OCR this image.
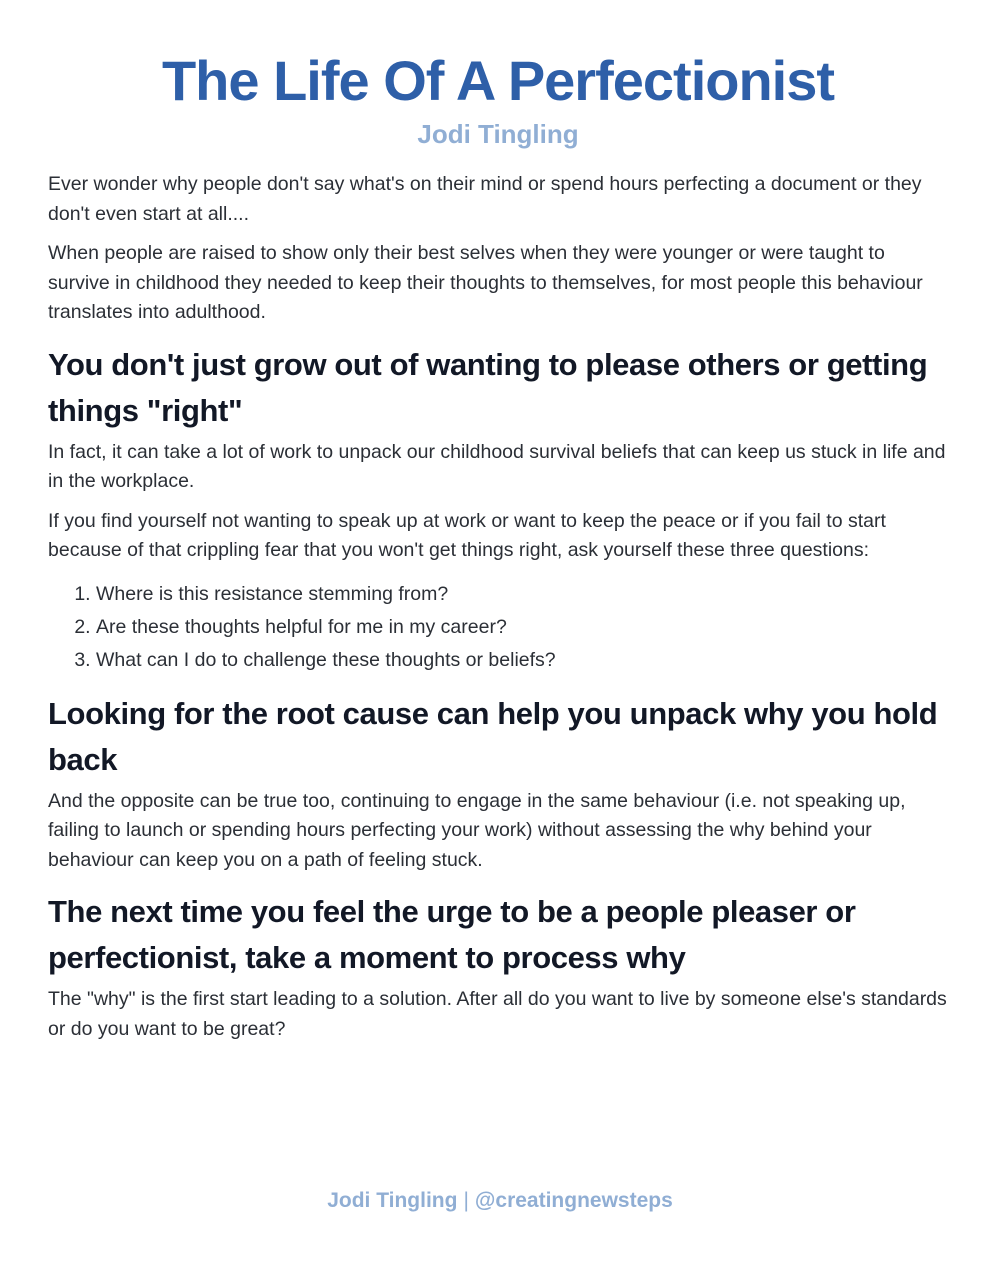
The Life Of A Perfectionist
Jodi Tingling

Ever wonder why people don't say what's on their mind or spend hours perfecting a document or they don't even start at all....

When people are raised to show only their best selves when they were younger or were taught to survive in childhood they needed to keep their thoughts to themselves, for most people this behaviour translates into adulthood.

You don't just grow out of wanting to please others or getting things "right"

In fact, it can take a lot of work to unpack our childhood survival beliefs that can keep us stuck in life and in the workplace.

If you find yourself not wanting to speak up at work or want to keep the peace or if you fail to start because of that crippling fear that you won't get things right, ask yourself these three questions:

1. Where is this resistance stemming from?
2. Are these thoughts helpful for me in my career?
3. What can I do to challenge these thoughts or beliefs?
Looking for the root cause can help you unpack why you hold back

And the opposite can be true too, continuing to engage in the same behaviour (i.e. not speaking up, failing to launch or spending hours perfecting your work) without assessing the why behind your behaviour can keep you on a path of feeling stuck.

The next time you feel the urge to be a people pleaser or perfectionist, take a moment to process why

The "why" is the first start leading to a solution. After all do you want to live by someone else's standards or do you want to be great?

Jodi Tingling | @creatingnewsteps
